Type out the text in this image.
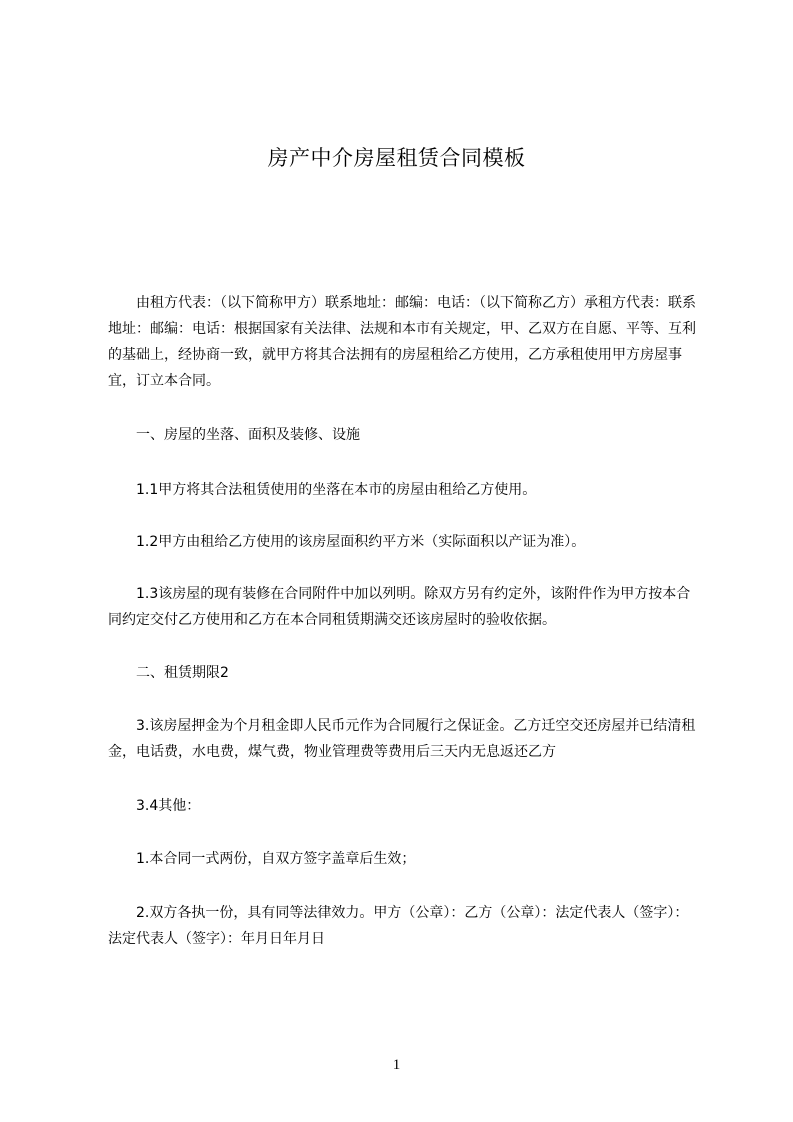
房产中介房屋租赁合同模板

由租方代表：（以下简称甲方）联系地址：邮编：电话：（以下简称乙方）承租方代表：联系地址：邮编：电话：根据国家有关法律、法规和本市有关规定，甲、乙双方在自愿、平等、互利的基础上，经协商一致，就甲方将其合法拥有的房屋租给乙方使用，乙方承租使用甲方房屋事宜，订立本合同。

一、房屋的坐落、面积及装修、设施

1.1甲方将其合法租赁使用的坐落在本市的房屋由租给乙方使用。

1.2甲方由租给乙方使用的该房屋面积约平方米（实际面积以产证为准）。

1.3该房屋的现有装修在合同附件中加以列明。除双方另有约定外，该附件作为甲方按本合同约定交付乙方使用和乙方在本合同租赁期满交还该房屋时的验收依据。

二、租赁期限2

3.该房屋押金为个月租金即人民币元作为合同履行之保证金。乙方迁空交还房屋并已结清租金，电话费，水电费，煤气费，物业管理费等费用后三天内无息返还乙方

3.4其他：

1.本合同一式两份，自双方签字盖章后生效；

2.双方各执一份，具有同等法律效力。甲方（公章）：乙方（公章）：法定代表人（签字）：法定代表人（签字）：年月日年月日

1
